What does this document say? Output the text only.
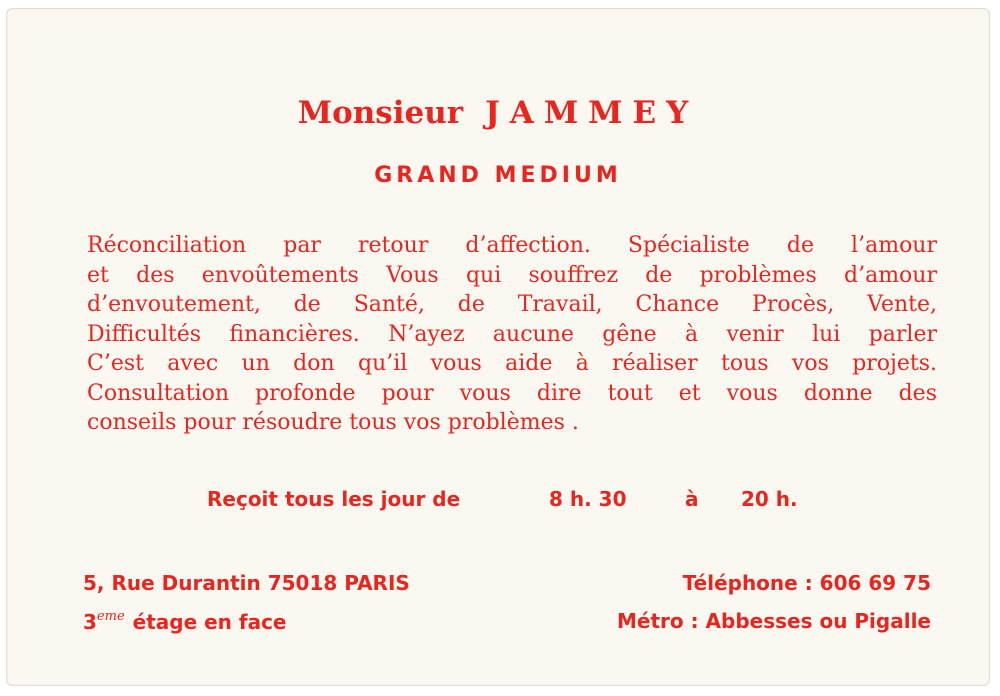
Monsieur JAMMEY
GRAND MEDIUM
Réconciliation par retour d’affection. Spécialiste de l’amour
et des envoûtements Vous qui souffrez de problèmes d’amour
d’envoutement, de Santé, de Travail, Chance Procès, Vente,
Difficultés financières. N’ayez aucune gêne à venir lui parler
C’est avec un don qu’il vous aide à réaliser tous vos projets.
Consultation profonde pour vous dire tout et vous donne des
conseils pour résoudre tous vos problèmes .
Reçoit tous les jour de	8 h. 30	à 20 h.
5, Rue Durantin 75018 PARIS
3eme étage en face
Téléphone : 606 69 75
Métro : Abbesses ou Pigalle
